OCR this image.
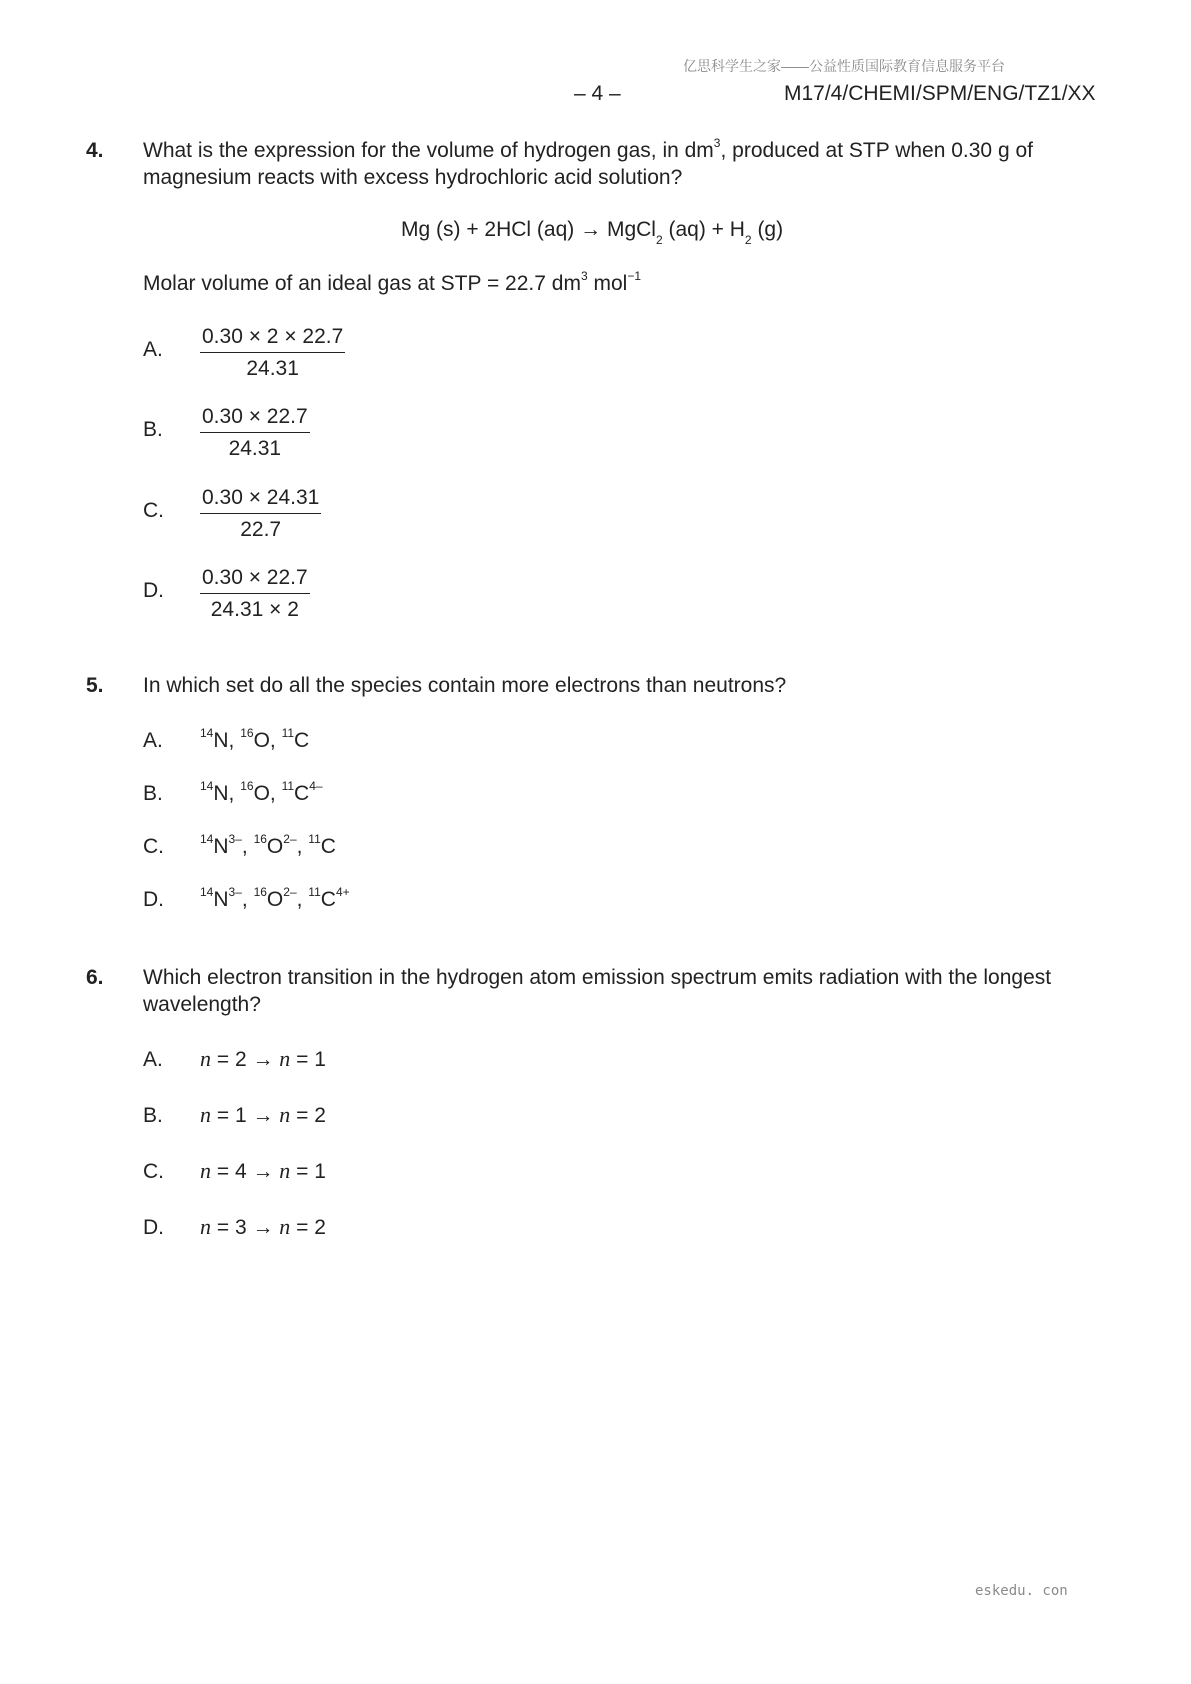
亿思科学生之家——公益性质国际教育信息服务平台
– 4 –	M17/4/CHEMI/SPM/ENG/TZ1/XX
4. What is the expression for the volume of hydrogen gas, in $dm^3$, produced at STP when 0.30 g of magnesium reacts with excess hydrochloric acid solution?
Mg (s) + 2HCl (aq) → MgCl$_2$ $(aq) + H_2$ (g)
Molar volume of an ideal gas at STP = 22.7 $dm^3$ mol$^{-1}$
A. $\frac{0.30 \times 2 \times 22.7}{24.31}$
B. $\frac{0.30 \times 22.7}{24.31}$
C. $\frac{0.30 \times 24.31}{22.7}$
D. $\frac{0.30 \times 22.7}{24.31 \times 2}$
5. In which set do all the species contain more electrons than neutrons?
A.	$^{14}$N, $^{16}$O, $^{11}$C
B.	$^{14}$N, $^{16}$O, $^{11}C^{4-}$
C.	$^{14}N^{3-}$, $^{16}O^{2-}$, $^{11}$C
D.	$^{14}N^{3-}$, $^{16}O^{2-}$, $^{11}C^{4+}$
6. Which electron transition in the hydrogen atom emission spectrum emits radiation with the longest wavelength?
A. n = 2 → n = 1
B. n = 1 → n = 2
C. n = 4 → n = 1
D. n = 3 → n = 2
eskedu. con
